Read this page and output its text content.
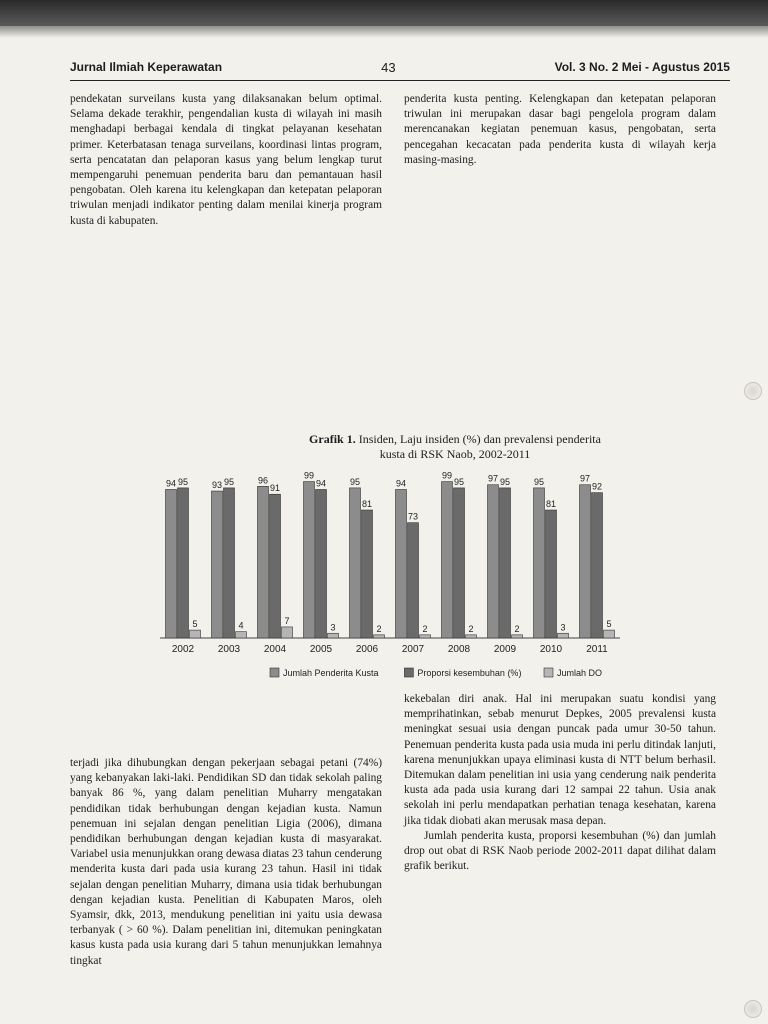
Jurnal Ilmiah Keperawatan	43	Vol. 3 No. 2 Mei - Agustus 2015

pendekatan surveilans kusta yang dilaksanakan belum optimal. Selama dekade terakhir, pengendalian kusta di wilayah ini masih menghadapi berbagai kendala di tingkat pelayanan kesehatan primer. Keterbatasan tenaga surveilans, koordinasi lintas program, serta pencatatan dan pelaporan kasus yang belum lengkap turut mempengaruhi penemuan penderita baru dan pemantauan hasil pengobatan. Oleh karena itu kelengkapan dan ketepatan pelaporan triwulan menjadi indikator penting dalam menilai kinerja program kusta di kabupaten.

penderita kusta penting. Kelengkapan dan ketepatan pelaporan triwulan ini merupakan dasar bagi pengelola program dalam merencanakan kegiatan penemuan kasus, pengobatan, serta pencegahan kecacatan pada penderita kusta di wilayah kerja masing-masing.

Grafik 1. Insiden, Laju insiden (%) dan prevalensi penderita kusta di RSK Naob, 2002-2011
94 95
5
2002
93 95
4
2003
96
91
7
2004
99
94
3
2005
95
81
2
2006
94
73
2
2007
99
95
2
2008
97 95
2
2009
95
81
3
2010
97
92
5
2011
Jumlah Penderita Kusta	Proporsi kesembuhan (%)	Jumlah DO

terjadi jika dihubungkan dengan pekerjaan sebagai petani (74%) yang kebanyakan laki-laki. Pendidikan SD dan tidak sekolah paling banyak 86 %, yang dalam penelitian Muharry mengatakan pendidikan tidak berhubungan dengan kejadian kusta. Namun penemuan ini sejalan dengan penelitian Ligia (2006), dimana pendidikan berhubungan dengan kejadian kusta di masyarakat. Variabel usia menunjukkan orang dewasa diatas 23 tahun cenderung menderita kusta dari pada usia kurang 23 tahun. Hasil ini tidak sejalan dengan penelitian Muharry, dimana usia tidak berhubungan dengan kejadian kusta. Penelitian di Kabupaten Maros, oleh Syamsir, dkk, 2013, mendukung penelitian ini yaitu usia dewasa terbanyak ( > 60 %). Dalam penelitian ini, ditemukan peningkatan kasus kusta pada usia kurang dari 5 tahun menunjukkan lemahnya tingkat

kekebalan diri anak. Hal ini merupakan suatu kondisi yang memprihatinkan, sebab menurut Depkes, 2005 prevalensi kusta meningkat sesuai usia dengan puncak pada umur 30-50 tahun. Penemuan penderita kusta pada usia muda ini perlu ditindak lanjuti, karena menunjukkan upaya eliminasi kusta di NTT belum berhasil. Ditemukan dalam penelitian ini usia yang cenderung naik penderita kusta ada pada usia kurang dari 12 sampai 22 tahun. Usia anak sekolah ini perlu mendapatkan perhatian tenaga kesehatan, karena jika tidak diobati akan merusak masa depan.

Jumlah penderita kusta, proporsi kesembuhan (%) dan jumlah drop out obat di RSK Naob periode 2002-2011 dapat dilihat dalam grafik berikut.
